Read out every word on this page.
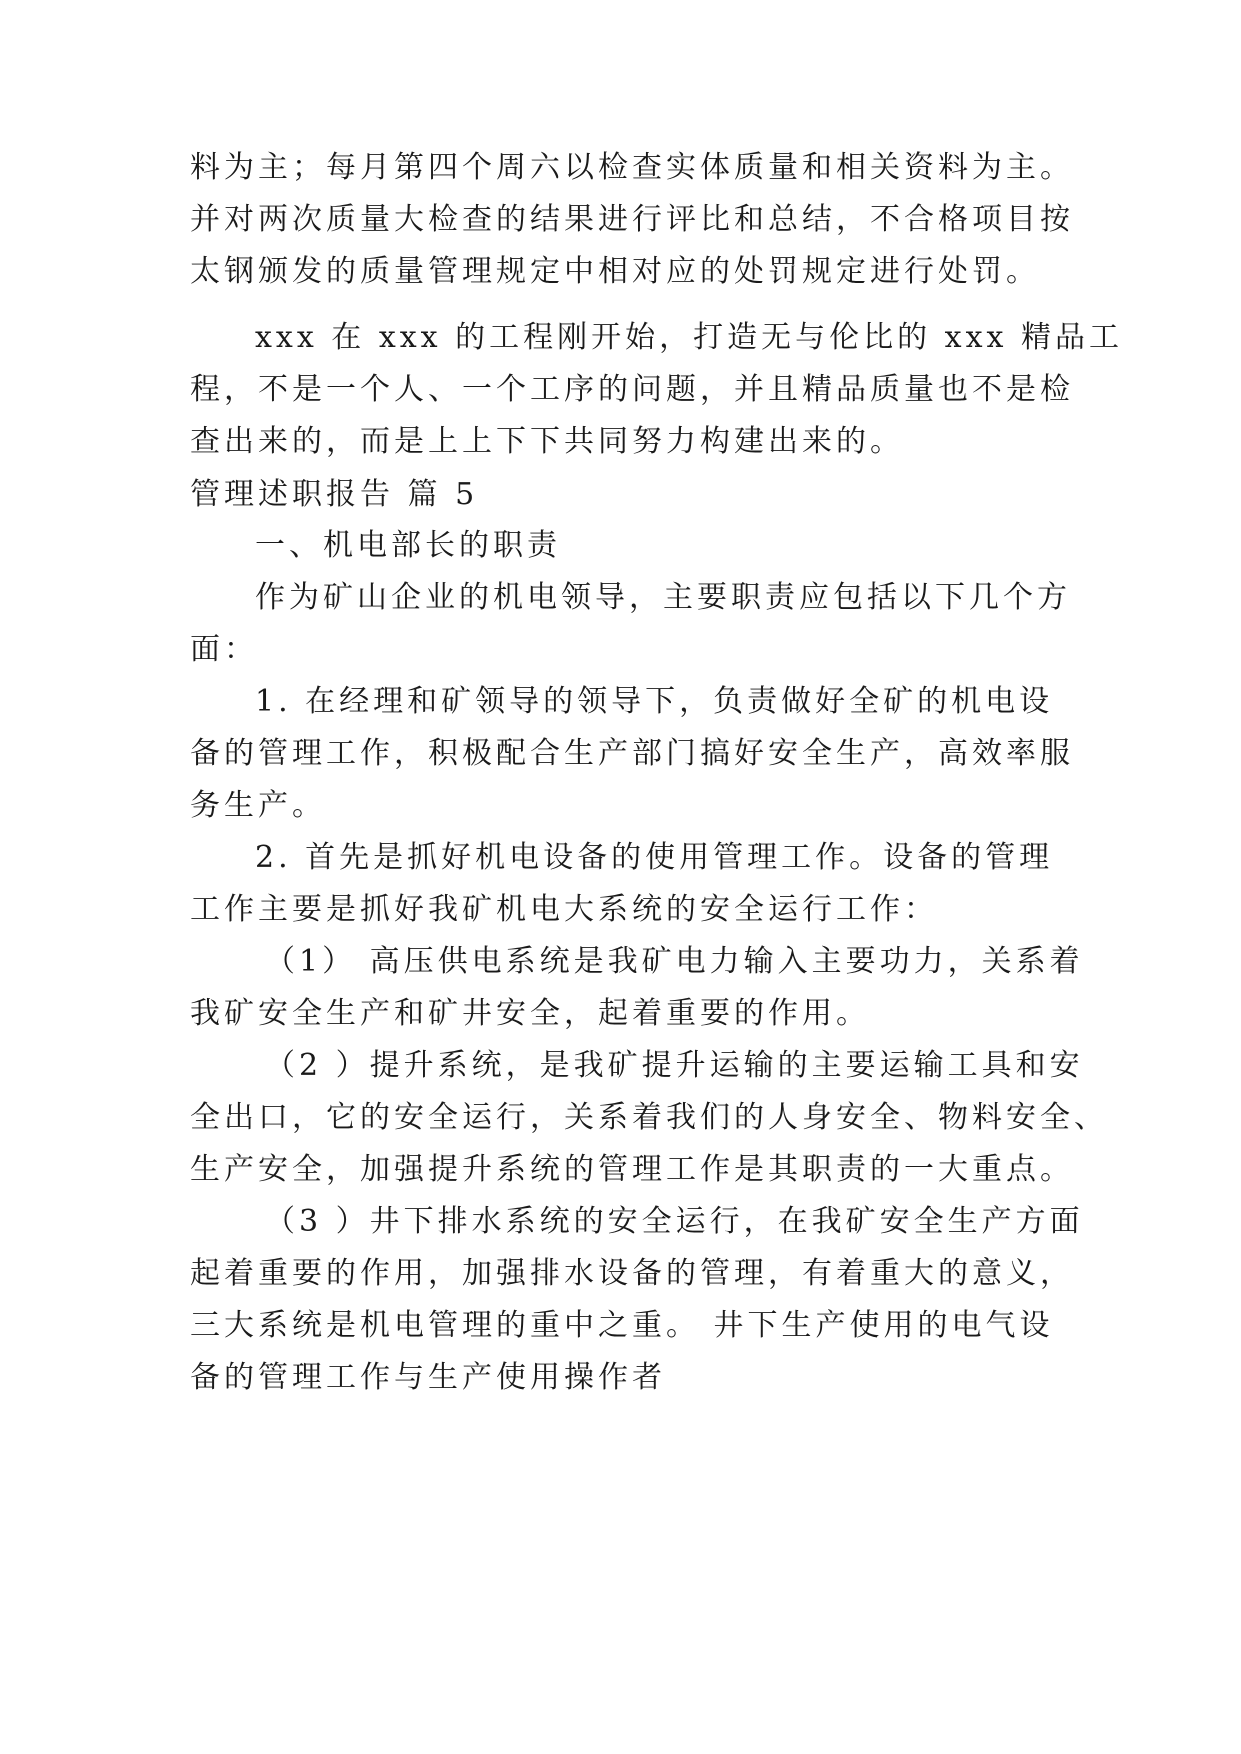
料为主；每月第四个周六以检查实体质量和相关资料为主。
并对两次质量大检查的结果进行评比和总结，不合格项目按
太钢颁发的质量管理规定中相对应的处罚规定进行处罚。
xxx 在 xxx 的工程刚开始，打造无与伦比的 xxx 精品工
程，不是一个人、一个工序的问题，并且精品质量也不是检
查出来的，而是上上下下共同努力构建出来的。
管理述职报告 篇 5
一、机电部长的职责
作为矿山企业的机电领导，主要职责应包括以下几个方
面：
1. 在经理和矿领导的领导下，负责做好全矿的机电设
备的管理工作，积极配合生产部门搞好安全生产，高效率服
务生产。
2. 首先是抓好机电设备的使用管理工作。设备的管理
工作主要是抓好我矿机电大系统的安全运行工作：
（1） 高压供电系统是我矿电力输入主要功力，关系着
我矿安全生产和矿井安全，起着重要的作用。
（2 ）提升系统，是我矿提升运输的主要运输工具和安
全出口，它的安全运行，关系着我们的人身安全、物料安全、
生产安全，加强提升系统的管理工作是其职责的一大重点。
（3 ）井下排水系统的安全运行，在我矿安全生产方面
起着重要的作用，加强排水设备的管理，有着重大的意义，
三大系统是机电管理的重中之重。 井下生产使用的电气设
备的管理工作与生产使用操作者
